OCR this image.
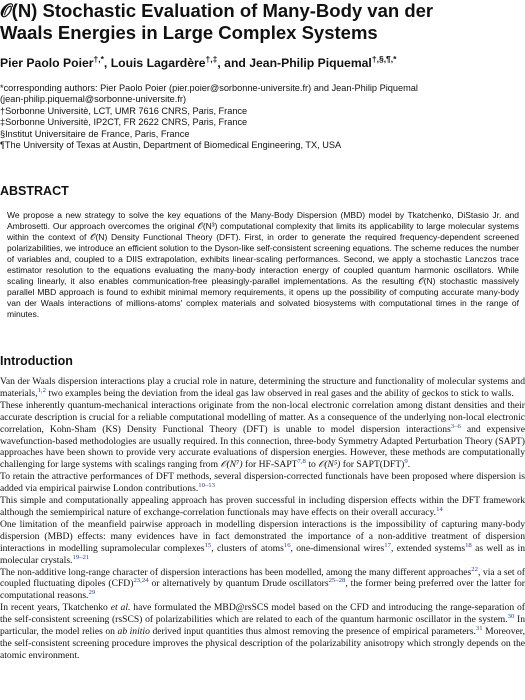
𝒪(N) Stochastic Evaluation of Many-Body van der
Waals Energies in Large Complex Systems
Pier Paolo Poier†,*, Louis Lagardère†,‡, and Jean-Philip Piquemal†,§,¶,*
*corresponding authors: Pier Paolo Poier (pier.poier@sorbonne-universite.fr) and Jean-Philip Piquemal
(jean-philip.piquemal@sorbonne-universite.fr)
†Sorbonne Universitè, LCT, UMR 7616 CNRS, Paris, France
‡Sorbonne Universitè, IP2CT, FR 2622 CNRS, Paris, France
§Institut Universitaire de France, Paris, France
¶The University of Texas at Austin, Department of Biomedical Engineering, TX, USA
ABSTRACT

We propose a new strategy to solve the key equations of the Many-Body Dispersion (MBD) model by Tkatchenko, DiStasio Jr. and Ambrosetti. Our approach overcomes the original 𝒪(N³) computational complexity that limits its applicability to large molecular systems within the context of 𝒪(N) Density Functional Theory (DFT). First, in order to generate the required frequency-dependent screened polarizabilities, we introduce an efficient solution to the Dyson-like self-consistent screening equations. The scheme reduces the number of variables and, coupled to a DIIS extrapolation, exhibits linear-scaling performances. Second, we apply a stochastic Lanczos trace estimator resolution to the equations evaluating the many-body interaction energy of coupled quantum harmonic oscillators. While scaling linearly, it also enables communication-free pleasingly-parallel implementations. As the resulting 𝒪(N) stochastic massively parallel MBD approach is found to exhibit minimal memory requirements, it opens up the possibility of computing accurate many-body van der Waals interactions of millions-atoms' complex materials and solvated biosystems with computational times in the range of minutes.

Introduction

Van der Waals dispersion interactions play a crucial role in nature, determining the structure and functionality of molecular systems and materials,$^{1,2}$ two examples being the deviation from the ideal gas law observed in real gases and the ability of geckos to stick to walls.

These inherently quantum-mechanical interactions originate from the non-local electronic correlation among distant densities and their accurate description is crucial for a reliable computational modelling of matter. As a consequence of the underlying non-local electronic correlation, Kohn-Sham (KS) Density Functional Theory (DFT) is unable to model dispersion interactions$^{3-6}$ and expensive wavefunction-based methodologies are usually required. In this connection, three-body Symmetry Adapted Perturbation Theory (SAPT) approaches have been shown to provide very accurate evaluations of dispersion energies. However, these methods are computationally challenging for large systems with scalings ranging from 𝒪(N⁷) for HF-SAPT$^{7,8}$ to 𝒪(N⁵) for SAPT(DFT)$^9$.

To retain the attractive performances of DFT methods, several dispersion-corrected functionals have been proposed where dispersion is added via empirical pairwise London contributions.$^{10-13}$

This simple and computationally appealing approach has proven successful in including dispersion effects within the DFT framework although the semiempirical nature of exchange-correlation functionals may have effects on their overall accuracy.$^{14}$

One limitation of the meanfield pairwise approach in modelling dispersion interactions is the impossibility of capturing many-body dispersion (MBD) effects: many evidences have in fact demonstrated the importance of a non-additive treatment of dispersion interactions in modelling supramolecular complexes$^{15}$, clusters of atoms$^{16}$, one-dimensional wires$^{17}$, extended systems$^{18}$ as well as in molecular crystals.$^{19-21}$

The non-additive long-range character of dispersion interactions has been modelled, among the many different approaches$^{22}$, via a set of coupled fluctuating dipoles (CFD)$^{23,24}$ or alternatively by quantum Drude oscillators$^{25-28}$, the former being preferred over the latter for computational reasons.$^{29}$

In recent years, Tkatchenko et al. have formulated the MBD@rsSCS model based on the CFD and introducing the range-separation of the self-consistent screening (rsSCS) of polarizabilities which are related to each of the quantum harmonic oscillator in the system.$^{30}$ In particular, the model relies on ab initio derived input quantities thus almost removing the presence of empirical parameters.$^{31}$ Moreover, the self-consistent screening procedure improves the physical description of the polarizability anisotropy which strongly depends on the atomic environment.
